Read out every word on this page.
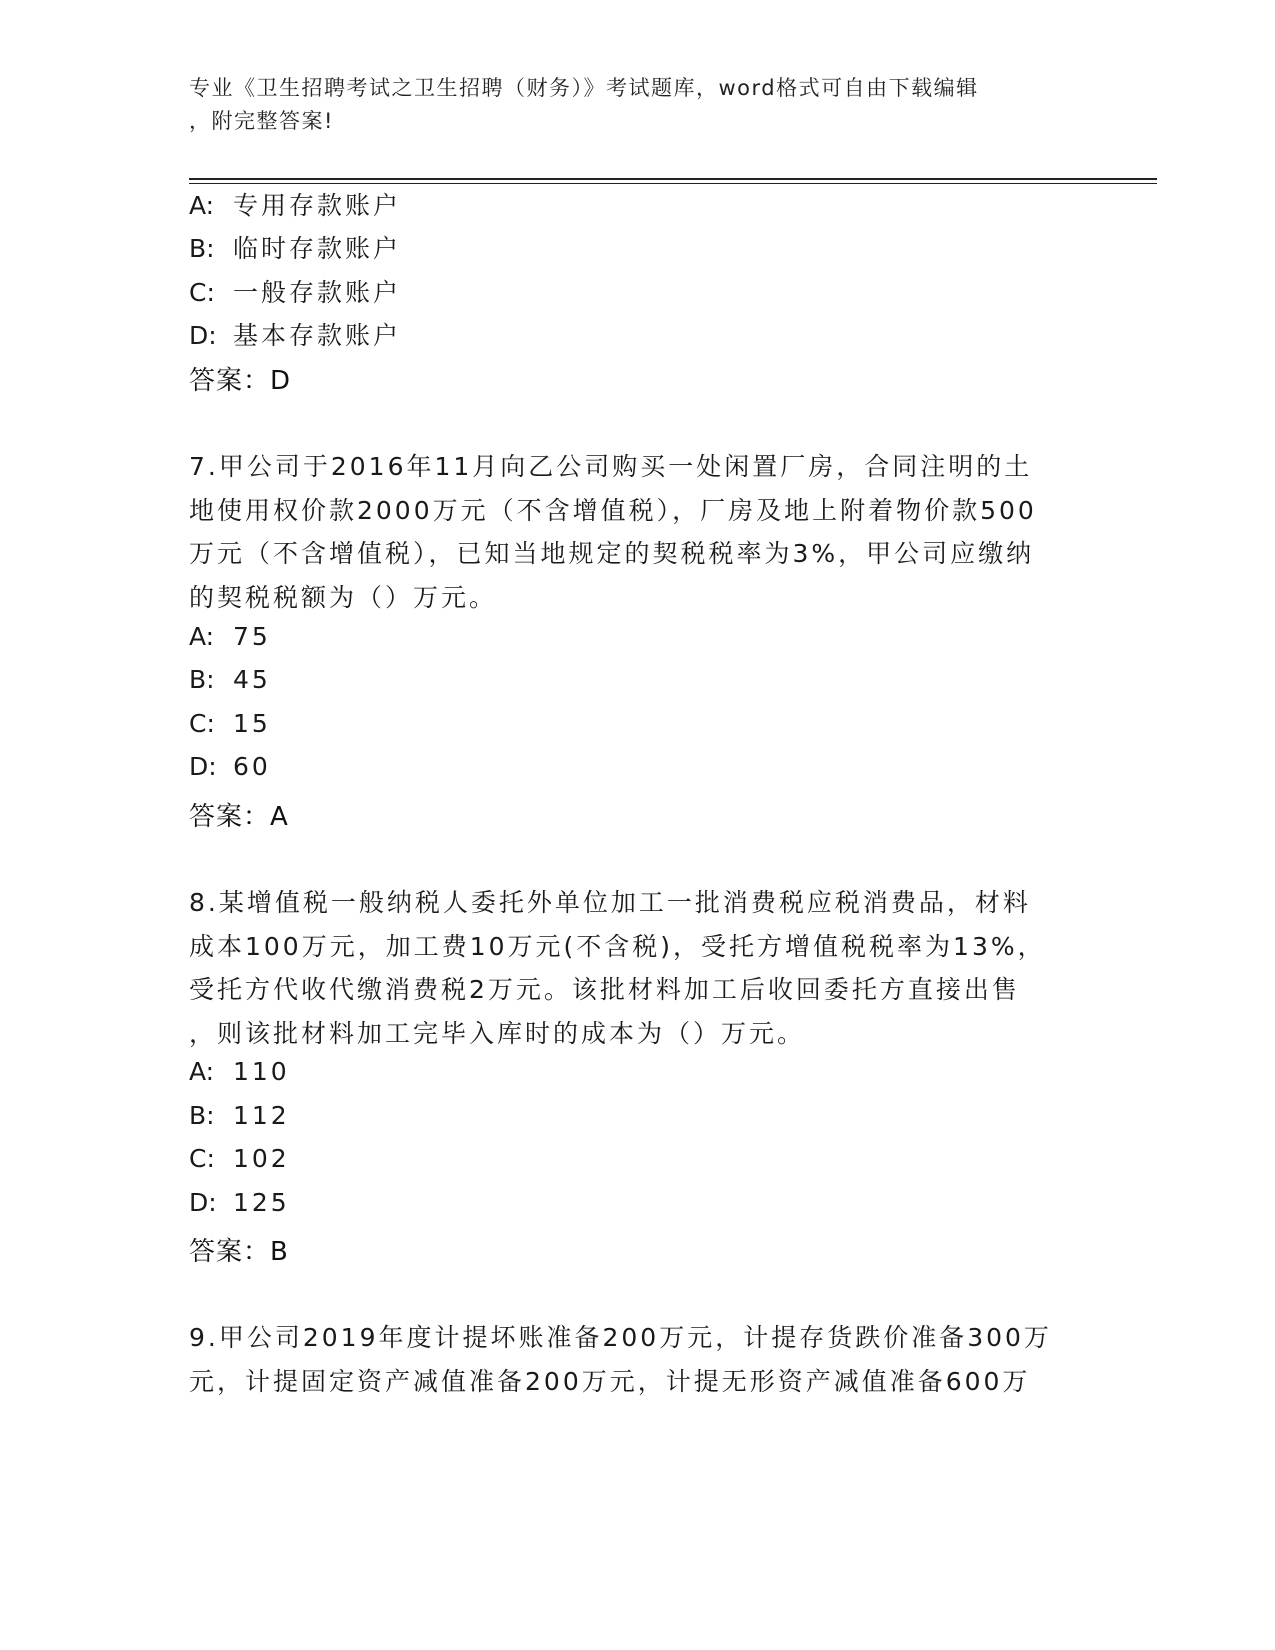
专业《卫生招聘考试之卫生招聘（财务）》考试题库，word格式可自由下载编辑
，附完整答案!
A: 专用存款账户
B: 临时存款账户
C: 一般存款账户
D: 基本存款账户
答案：D
7.甲公司于2016年11月向乙公司购买一处闲置厂房，合同注明的土
地使用权价款2000万元（不含增值税），厂房及地上附着物价款500
万元（不含增值税），已知当地规定的契税税率为3%，甲公司应缴纳
的契税税额为（）万元。
A: 75
B: 45
C: 15
D: 60
答案：A
8.某增值税一般纳税人委托外单位加工一批消费税应税消费品，材料
成本100万元，加工费10万元(不含税)，受托方增值税税率为13%，
受托方代收代缴消费税2万元。该批材料加工后收回委托方直接出售
，则该批材料加工完毕入库时的成本为（）万元。
A: 110
B: 112
C: 102
D: 125
答案：B
9.甲公司2019年度计提坏账准备200万元，计提存货跌价准备300万
元，计提固定资产减值准备200万元，计提无形资产减值准备600万
